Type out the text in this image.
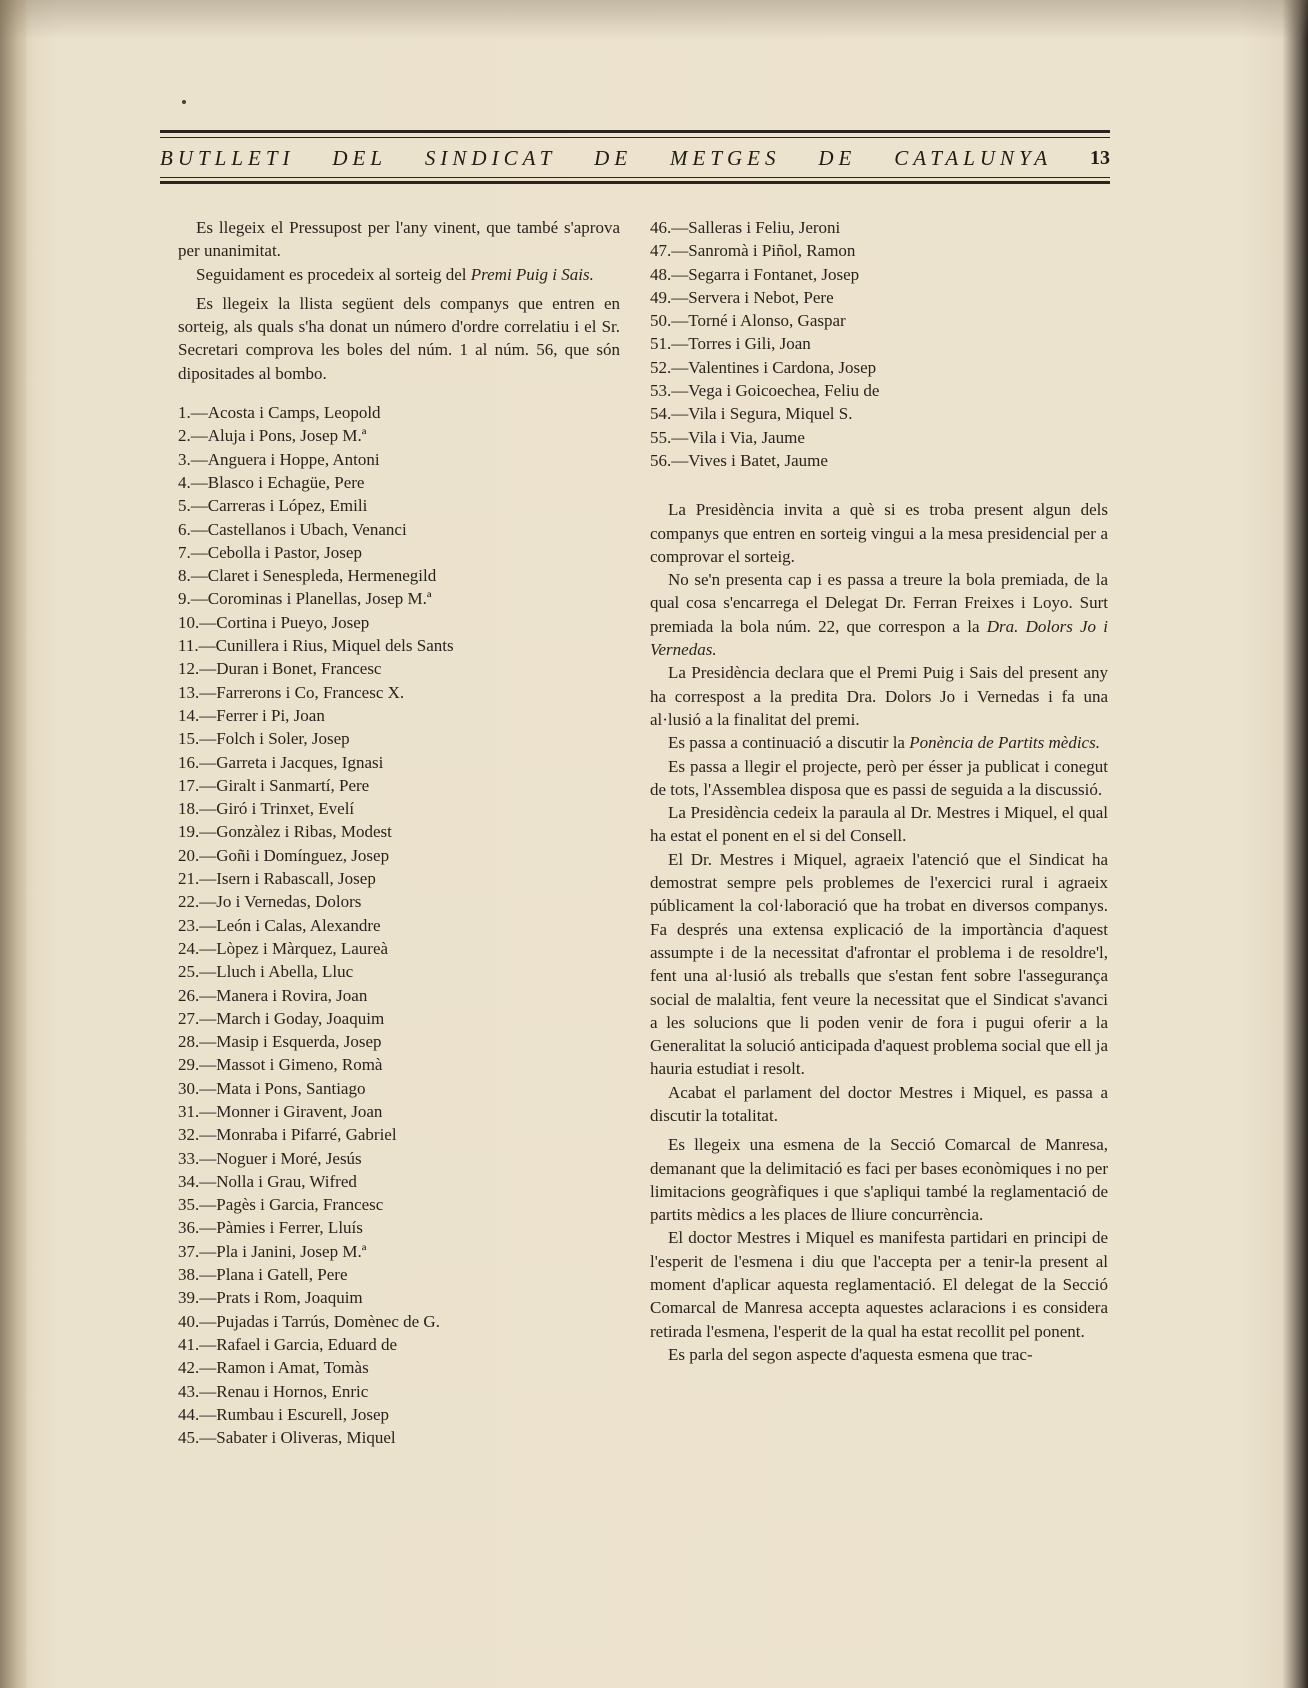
BUTLLETI DEL SINDICAT DE METGES DE CATALUNYA 13

Es llegeix el Pressupost per l'any vinent, que també s'aprova per unanimitat.

Seguidament es procedeix al sorteig del Premi Puig i Sais.

Es llegeix la llista següent dels companys que entren en sorteig, als quals s'ha donat un número d'ordre correlatiu i el Sr. Secretari comprova les boles del núm. 1 al núm. 56, que són dipositades al bombo.

1.—Acosta i Camps, Leopold
2.—Aluja i Pons, Josep M.ª
3.—Anguera i Hoppe, Antoni
4.—Blasco i Echagüe, Pere
5.—Carreras i López, Emili
6.—Castellanos i Ubach, Venanci
7.—Cebolla i Pastor, Josep
8.—Claret i Senespleda, Hermenegild
9.—Corominas i Planellas, Josep M.ª
10.—Cortina i Pueyo, Josep
11.—Cunillera i Rius, Miquel dels Sants
12.—Duran i Bonet, Francesc
13.—Farrerons i Co, Francesc X.
14.—Ferrer i Pi, Joan
15.—Folch i Soler, Josep
16.—Garreta i Jacques, Ignasi
17.—Giralt i Sanmartí, Pere
18.—Giró i Trinxet, Evelí
19.—Gonzàlez i Ribas, Modest
20.—Goñi i Domínguez, Josep
21.—Isern i Rabascall, Josep
22.—Jo i Vernedas, Dolors
23.—León i Calas, Alexandre
24.—Lòpez i Màrquez, Laureà
25.—Lluch i Abella, Lluc
26.—Manera i Rovira, Joan
27.—March i Goday, Joaquim
28.—Masip i Esquerda, Josep
29.—Massot i Gimeno, Romà
30.—Mata i Pons, Santiago
31.—Monner i Giravent, Joan
32.—Monraba i Pifarré, Gabriel
33.—Noguer i Moré, Jesús
34.—Nolla i Grau, Wifred
35.—Pagès i Garcia, Francesc
36.—Pàmies i Ferrer, Lluís
37.—Pla i Janini, Josep M.ª
38.—Plana i Gatell, Pere
39.—Prats i Rom, Joaquim
40.—Pujadas i Tarrús, Domènec de G.
41.—Rafael i Garcia, Eduard de
42.—Ramon i Amat, Tomàs
43.—Renau i Hornos, Enric
44.—Rumbau i Escurell, Josep
45.—Sabater i Oliveras, Miquel
46.—Salleras i Feliu, Jeroni
47.—Sanromà i Piñol, Ramon
48.—Segarra i Fontanet, Josep
49.—Servera i Nebot, Pere
50.—Torné i Alonso, Gaspar
51.—Torres i Gili, Joan
52.—Valentines i Cardona, Josep
53.—Vega i Goicoechea, Feliu de
54.—Vila i Segura, Miquel S.
55.—Vila i Via, Jaume
56.—Vives i Batet, Jaume

La Presidència invita a què si es troba present algun dels companys que entren en sorteig vingui a la mesa presidencial per a comprovar el sorteig.

No se'n presenta cap i es passa a treure la bola premiada, de la qual cosa s'encarrega el Delegat Dr. Ferran Freixes i Loyo. Surt premiada la bola núm. 22, que correspon a la Dra. Dolors Jo i Vernedas.

La Presidència declara que el Premi Puig i Sais del present any ha correspost a la predita Dra. Dolors Jo i Vernedas i fa una al·lusió a la finalitat del premi.

Es passa a continuació a discutir la Ponència de Partits mèdics.

Es passa a llegir el projecte, però per ésser ja publicat i conegut de tots, l'Assemblea disposa que es passi de seguida a la discussió.

La Presidència cedeix la paraula al Dr. Mestres i Miquel, el qual ha estat el ponent en el si del Consell.

El Dr. Mestres i Miquel, agraeix l'atenció que el Sindicat ha demostrat sempre pels problemes de l'exercici rural i agraeix públicament la col·laboració que ha trobat en diversos companys. Fa després una extensa explicació de la importància d'aquest assumpte i de la necessitat d'afrontar el problema i de resoldre'l, fent una al·lusió als treballs que s'estan fent sobre l'assegurança social de malaltia, fent veure la necessitat que el Sindicat s'avanci a les solucions que li poden venir de fora i pugui oferir a la Generalitat la solució anticipada d'aquest problema social que ell ja hauria estudiat i resolt.

Acabat el parlament del doctor Mestres i Miquel, es passa a discutir la totalitat.

Es llegeix una esmena de la Secció Comarcal de Manresa, demanant que la delimitació es faci per bases econòmiques i no per limitacions geogràfiques i que s'apliqui també la reglamentació de partits mèdics a les places de lliure concurrència.

El doctor Mestres i Miquel es manifesta partidari en principi de l'esperit de l'esmena i diu que l'accepta per a tenir-la present al moment d'aplicar aquesta reglamentació. El delegat de la Secció Comarcal de Manresa accepta aquestes aclaracions i es considera retirada l'esmena, l'esperit de la qual ha estat recollit pel ponent.

Es parla del segon aspecte d'aquesta esmena que trac-
